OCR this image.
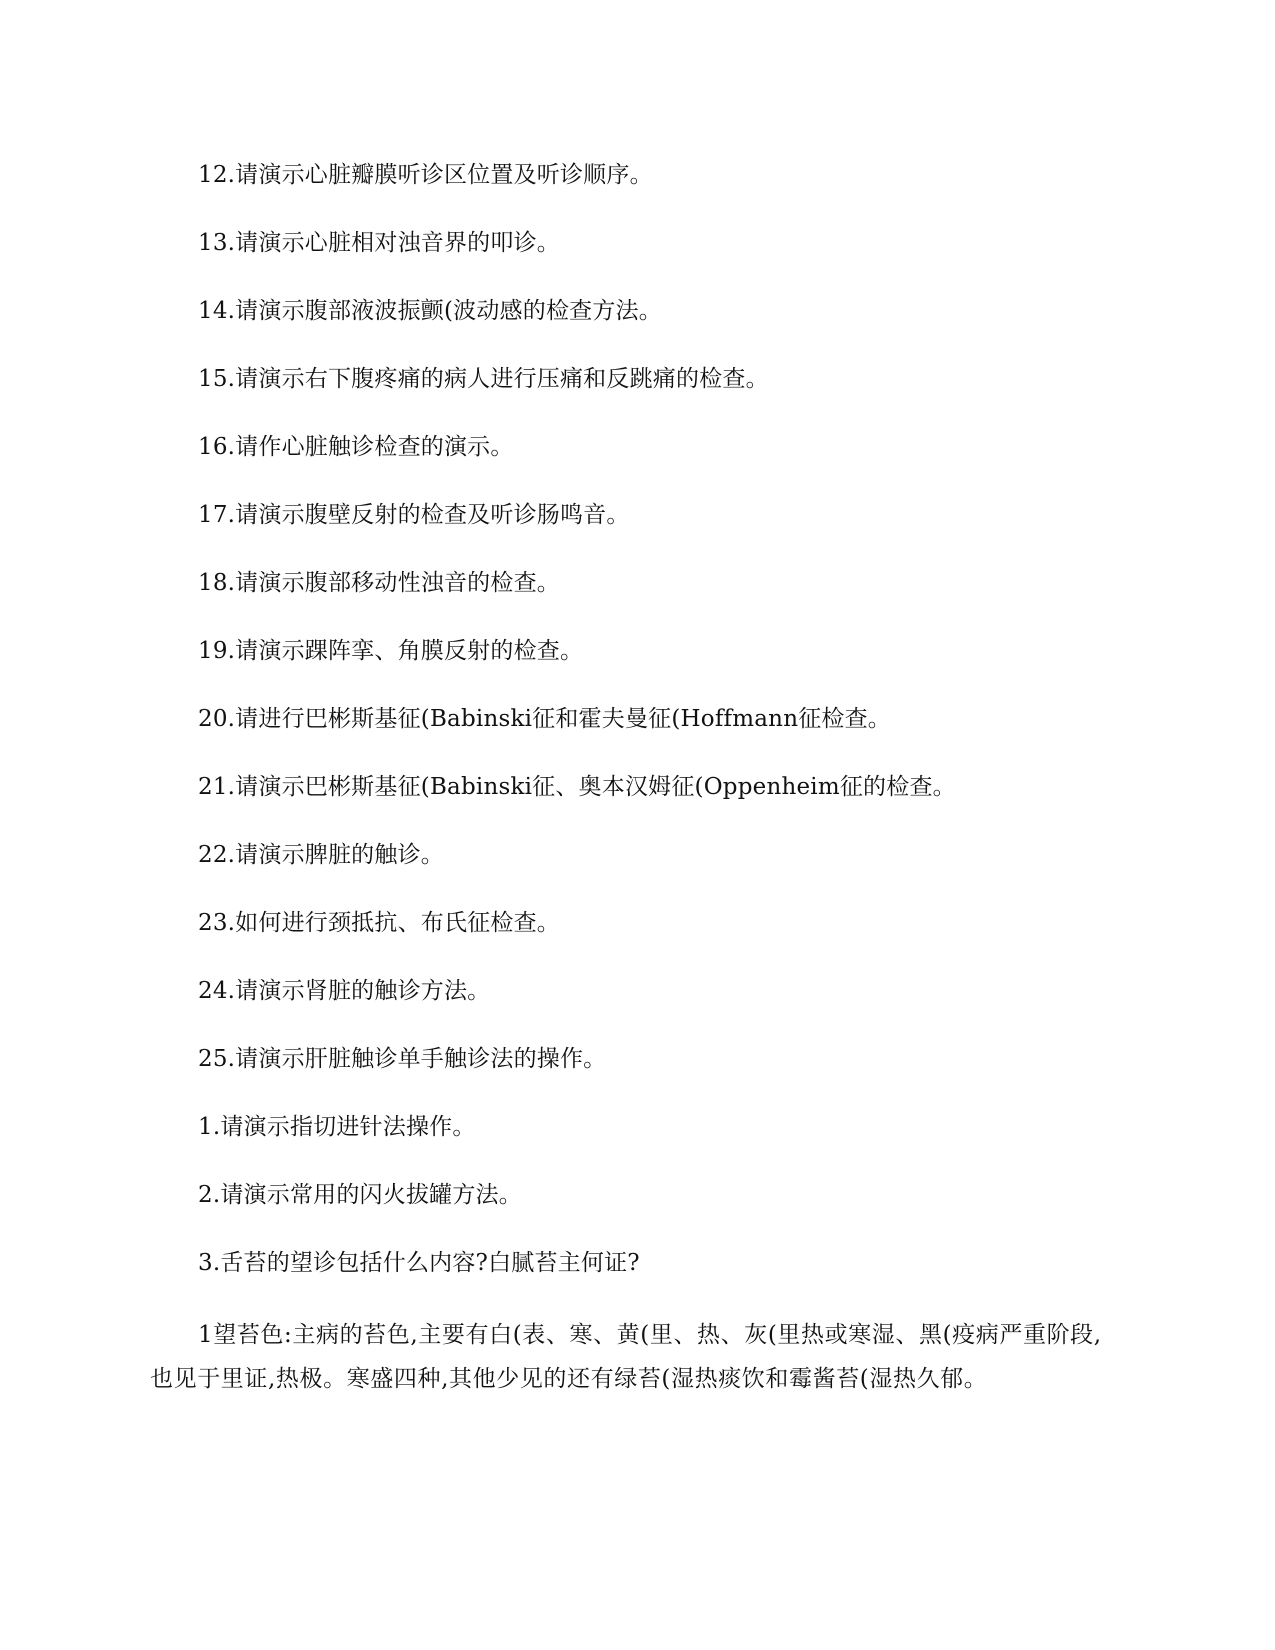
12.请演示心脏瓣膜听诊区位置及听诊顺序。
13.请演示心脏相对浊音界的叩诊。
14.请演示腹部液波振颤(波动感的检查方法。
15.请演示右下腹疼痛的病人进行压痛和反跳痛的检查。
16.请作心脏触诊检查的演示。
17.请演示腹壁反射的检查及听诊肠鸣音。
18.请演示腹部移动性浊音的检查。
19.请演示踝阵挛、角膜反射的检查。
20.请进行巴彬斯基征(Babinski征和霍夫曼征(Hoffmann征检查。
21.请演示巴彬斯基征(Babinski征、奥本汉姆征(Oppenheim征的检查。
22.请演示脾脏的触诊。
23.如何进行颈抵抗、布氏征检查。
24.请演示肾脏的触诊方法。
25.请演示肝脏触诊单手触诊法的操作。
1.请演示指切进针法操作。
2.请演示常用的闪火拔罐方法。
3.舌苔的望诊包括什么内容?白腻苔主何证?
1望苔色:主病的苔色,主要有白(表、寒、黄(里、热、灰(里热或寒湿、黑(疫病严重阶段,也见于里证,热极。寒盛四种,其他少见的还有绿苔(湿热痰饮和霉酱苔(湿热久郁。
